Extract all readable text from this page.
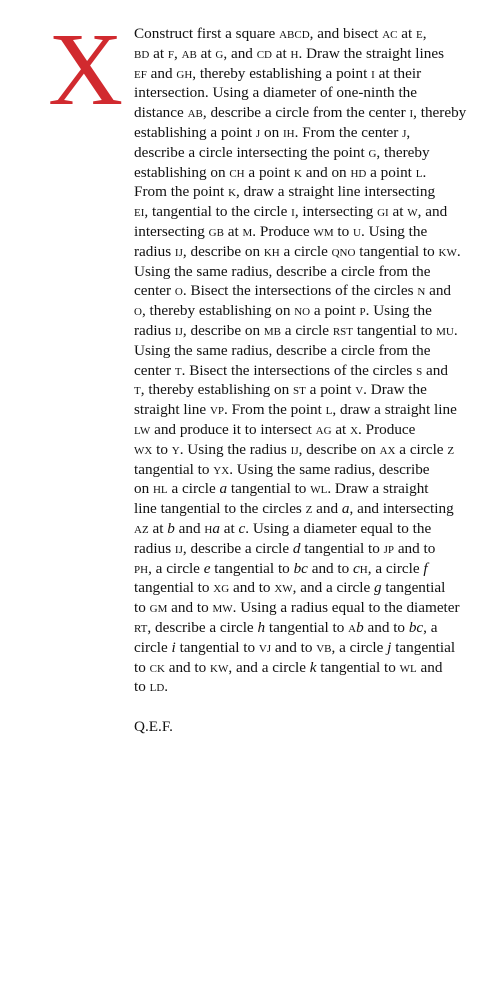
X Construct first a square abcd, and bisect ac at e,
bd at f, ab at g, and cd at h. Draw the straight lines
ef and gh, thereby establishing a point i at their
intersection. Using a diameter of one-ninth the
distance ab, describe a circle from the center i, thereby
establishing a point j on ih. From the center j,
describe a circle intersecting the point g, thereby
establishing on ch a point k and on hd a point l.
From the point k, draw a straight line intersecting
ei, tangential to the circle i, intersecting gi at w, and
intersecting gb at m. Produce wm to u. Using the
radius ij, describe on kh a circle qno tangential to kw.
Using the same radius, describe a circle from the
center o. Bisect the intersections of the circles n and
o, thereby establishing on no a point p. Using the
radius ij, describe on mb a circle rst tangential to mu.
Using the same radius, describe a circle from the
center t. Bisect the intersections of the circles s and
t, thereby establishing on st a point v. Draw the
straight line vp. From the point l, draw a straight line
lw and produce it to intersect ag at x. Produce
wx to y. Using the radius ij, describe on ax a circle z
tangential to yx. Using the same radius, describe
on hl a circle a tangential to wl. Draw a straight
line tangential to the circles z and a, and intersecting
az at b and ha at c. Using a diameter equal to the
radius ij, describe a circle d tangential to jp and to
ph, a circle e tangential to bc and to ch, a circle f
tangential to xg and to xw, and a circle g tangential
to gm and to mw. Using a radius equal to the diameter
rt, describe a circle h tangential to ab and to bc, a
circle i tangential to vj and to vb, a circle j tangential
to ck and to kw, and a circle k tangential to wl and
to ld.
Q.E.F.
